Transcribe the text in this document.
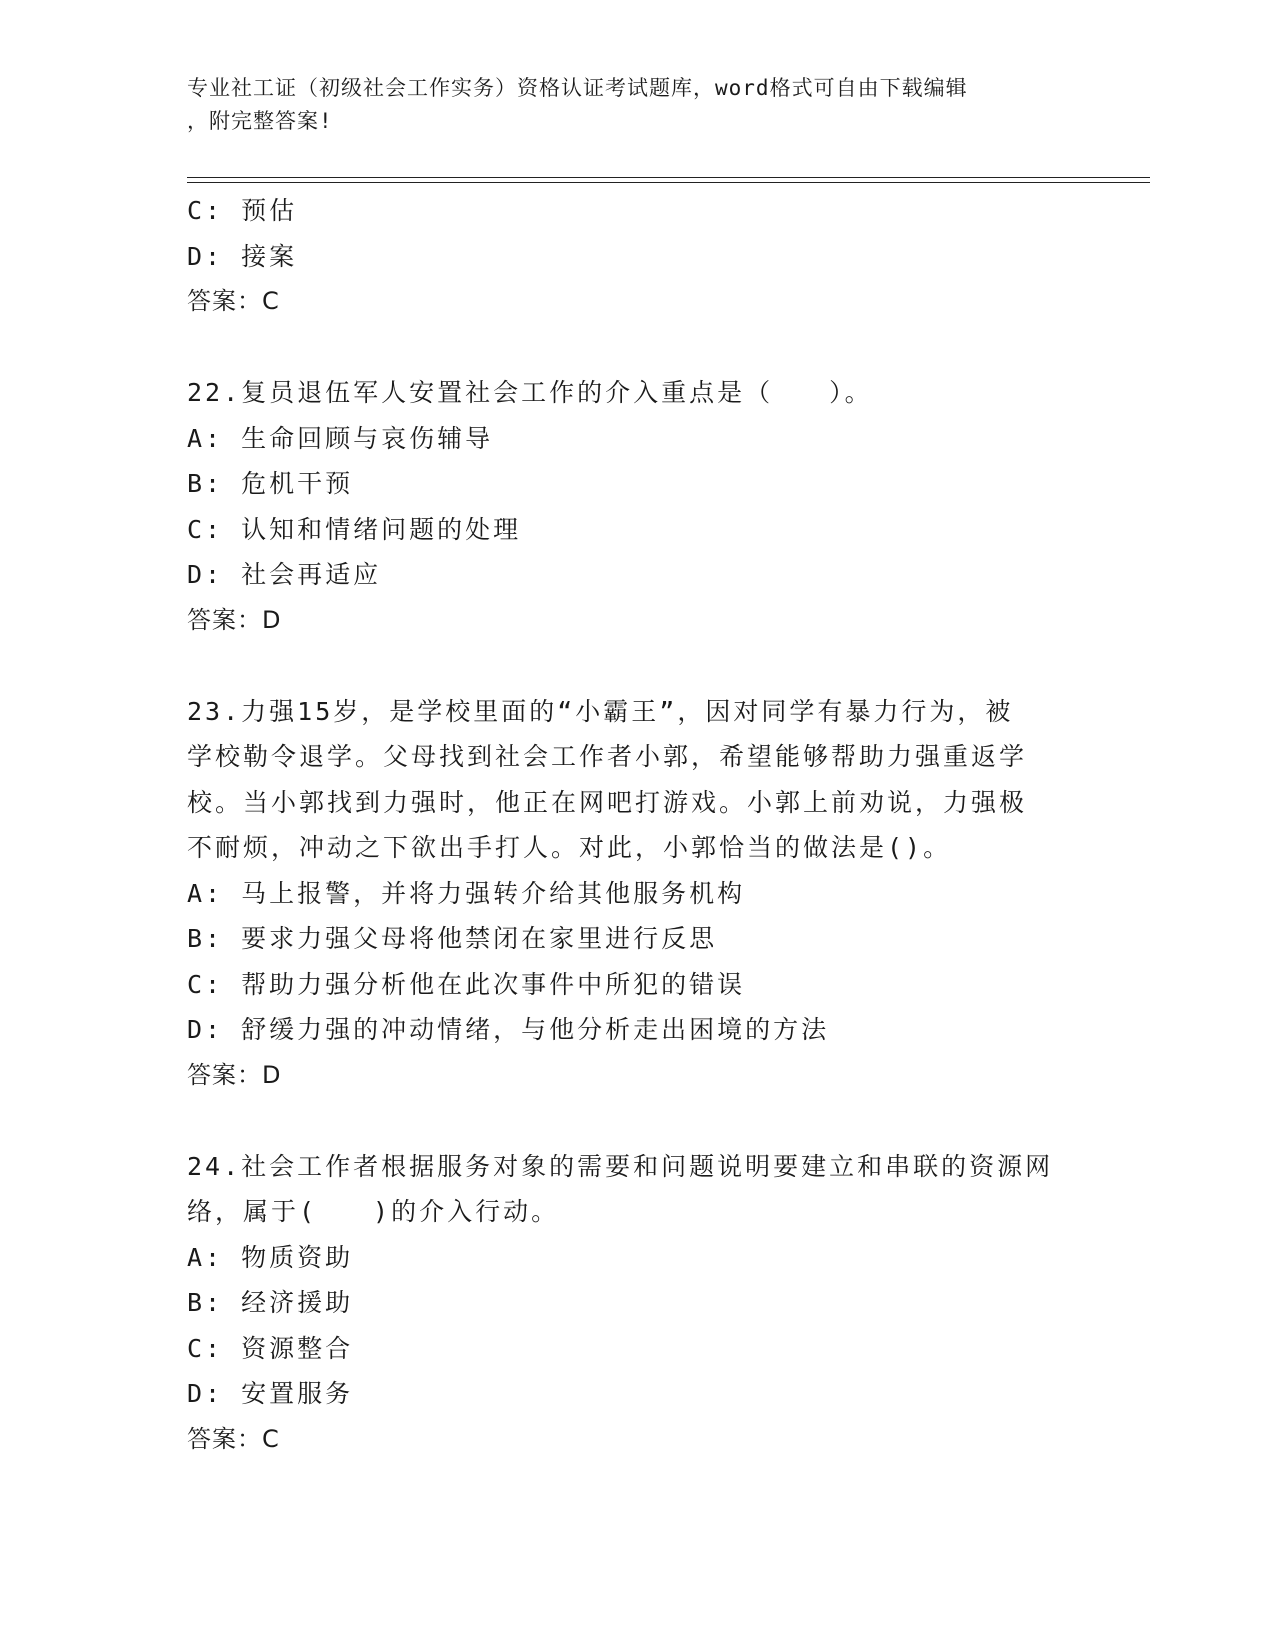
专业社工证（初级社会工作实务）资格认证考试题库，word格式可自由下载编辑
，附完整答案!
C: 预估
D: 接案
答案：C
22.复员退伍军人安置社会工作的介入重点是（　　）。
A: 生命回顾与哀伤辅导
B: 危机干预
C: 认知和情绪问题的处理
D: 社会再适应
答案：D
23.力强15岁，是学校里面的“小霸王”，因对同学有暴力行为，被
学校勒令退学。父母找到社会工作者小郭，希望能够帮助力强重返学
校。当小郭找到力强时，他正在网吧打游戏。小郭上前劝说，力强极
不耐烦，冲动之下欲出手打人。对此，小郭恰当的做法是()。
A: 马上报警，并将力强转介给其他服务机构
B: 要求力强父母将他禁闭在家里进行反思
C: 帮助力强分析他在此次事件中所犯的错误
D: 舒缓力强的冲动情绪，与他分析走出困境的方法
答案：D
24.社会工作者根据服务对象的需要和问题说明要建立和串联的资源网
络，属于(　　)的介入行动。
A: 物质资助
B: 经济援助
C: 资源整合
D: 安置服务
答案：C
